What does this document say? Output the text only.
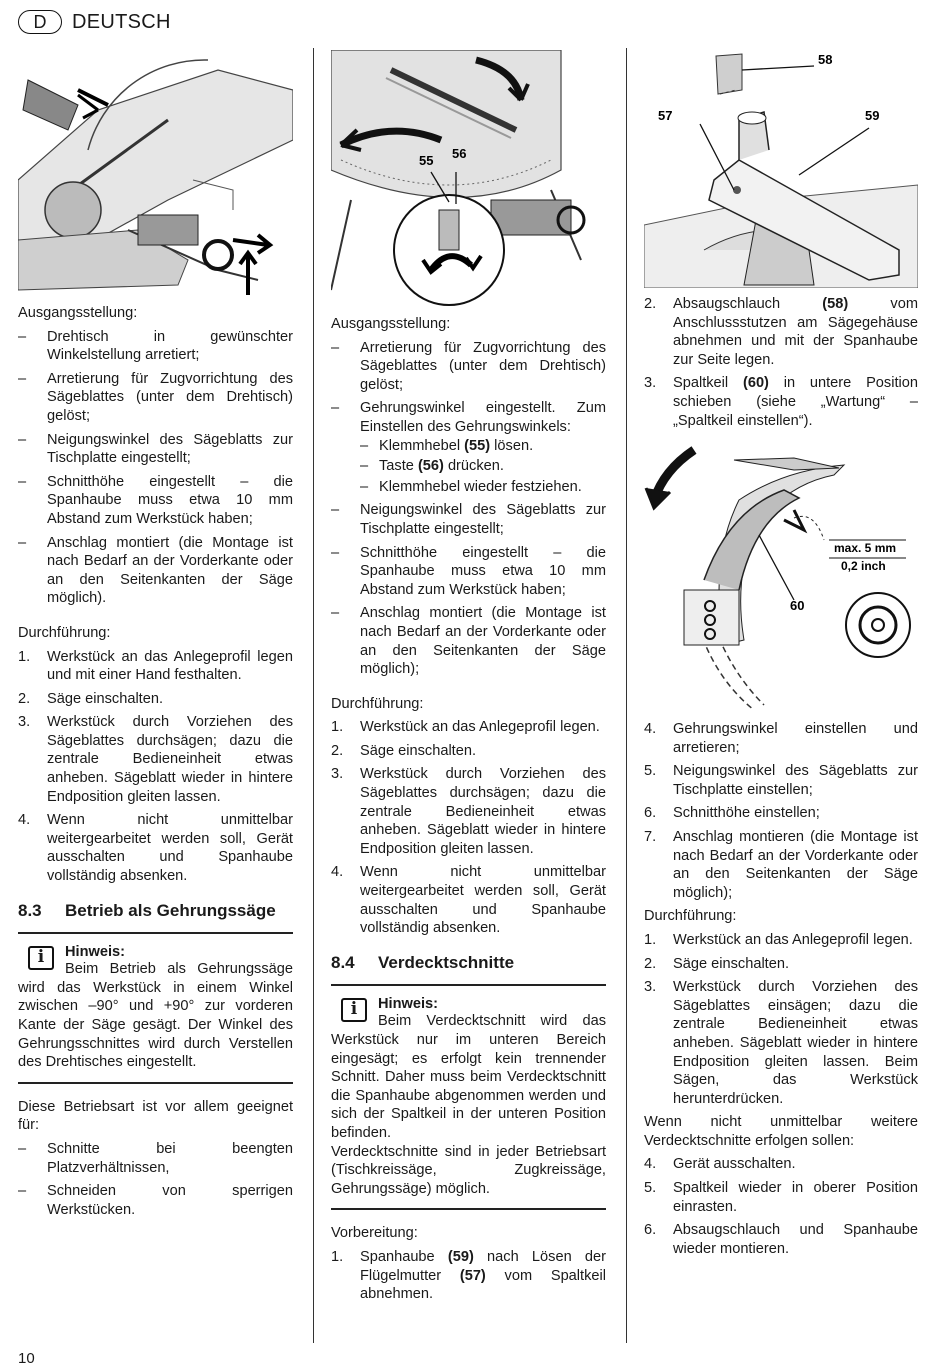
D	DEUTSCH

Ausgangsstellung:

– Drehtisch in gewünschter Winkelstellung arretiert;
– Arretierung für Zugvorrichtung des Sägeblattes (unter dem Drehtisch) gelöst;
– Neigungswinkel des Sägeblatts zur Tischplatte eingestellt;
– Schnitthöhe eingestellt – die Spanhaube muss etwa 10 mm Abstand zum Werkstück haben;
– Anschlag montiert (die Montage ist nach Bedarf an der Vorderkante oder an den Seitenkanten der Säge möglich).

Durchführung:

1. Werkstück an das Anlegeprofil legen und mit einer Hand festhalten.
2. Säge einschalten.
3. Werkstück durch Vorziehen des Sägeblattes durchsägen; dazu die zentrale Bedieneinheit etwas anheben. Sägeblatt wieder in hintere Endposition gleiten lassen.
4. Wenn nicht unmittelbar weitergearbeitet werden soll, Gerät ausschalten und Spanhaube vollständig absenken.
8.3 Betrieb als Gehrungssäge
i Hinweis:

Beim Betrieb als Gehrungssäge wird das Werkstück in einem Winkel zwischen –90° und +90° zur vorderen Kante der Säge gesägt. Der Winkel des Gehrungsschnittes wird durch Verstellen des Drehtisches eingestellt.

Diese Betriebsart ist vor allem geeignet für:

– Schnitte bei beengten Platzverhältnissen,
– Schneiden von sperrigen Werkstücken.
55 56

Ausgangsstellung:

– Arretierung für Zugvorrichtung des Sägeblattes (unter dem Drehtisch) gelöst;
– Gehrungswinkel eingestellt. Zum Einstellen des Gehrungswinkels:
– Klemmhebel (55) lösen.
– Taste (56) drücken.
– Klemmhebel wieder festziehen.
– Neigungswinkel des Sägeblatts zur Tischplatte eingestellt;
– Schnitthöhe eingestellt – die Spanhaube muss etwa 10 mm Abstand zum Werkstück haben;
– Anschlag montiert (die Montage ist nach Bedarf an der Vorderkante oder an den Seitenkanten der Säge möglich);

Durchführung:

1. Werkstück an das Anlegeprofil legen.
2. Säge einschalten.
3. Werkstück durch Vorziehen des Sägeblattes durchsägen; dazu die zentrale Bedieneinheit etwas anheben. Sägeblatt wieder in hintere Endposition gleiten lassen.
4. Wenn nicht unmittelbar weitergearbeitet werden soll, Gerät ausschalten und Spanhaube vollständig absenken.
8.4 Verdecktschnitte
i Hinweis:

Beim Verdecktschnitt wird das Werkstück nur im unteren Bereich eingesägt; es erfolgt kein trennender Schnitt. Daher muss beim Verdecktschnitt die Spanhaube abgenommen werden und sich der Spaltkeil in der unteren Position befinden.

Verdecktschnitte sind in jeder Betriebsart (Tischkreissäge, Zugkreissäge, Gehrungssäge) möglich.

Vorbereitung:

1. Spanhaube (59) nach Lösen der Flügelmutter (57) vom Spaltkeil abnehmen.
58
57	59
2. Absaugschlauch (58) vom Anschlussstutzen am Sägegehäuse abnehmen und mit der Spanhaube zur Seite legen.
3. Spaltkeil (60) in untere Position schieben (siehe „Wartung“ – „Spaltkeil einstellen“).
max. 5 mm
0,2 inch
60
4. Gehrungswinkel einstellen und arretieren;
5. Neigungswinkel des Sägeblatts zur Tischplatte einstellen;
6. Schnitthöhe einstellen;
7. Anschlag montieren (die Montage ist nach Bedarf an der Vorderkante oder an den Seitenkanten der Säge möglich);

Durchführung:

1. Werkstück an das Anlegeprofil legen.
2. Säge einschalten.
3. Werkstück durch Vorziehen des Sägeblattes einsägen; dazu die zentrale Bedieneinheit etwas anheben. Sägeblatt wieder in hintere Endposition gleiten lassen. Beim Sägen, das Werkstück herunterdrücken.

Wenn nicht unmittelbar weitere Verdecktschnitte erfolgen sollen:

4. Gerät ausschalten.
5. Spaltkeil wieder in oberer Position einrasten.
6. Absaugschlauch und Spanhaube wieder montieren.
10
